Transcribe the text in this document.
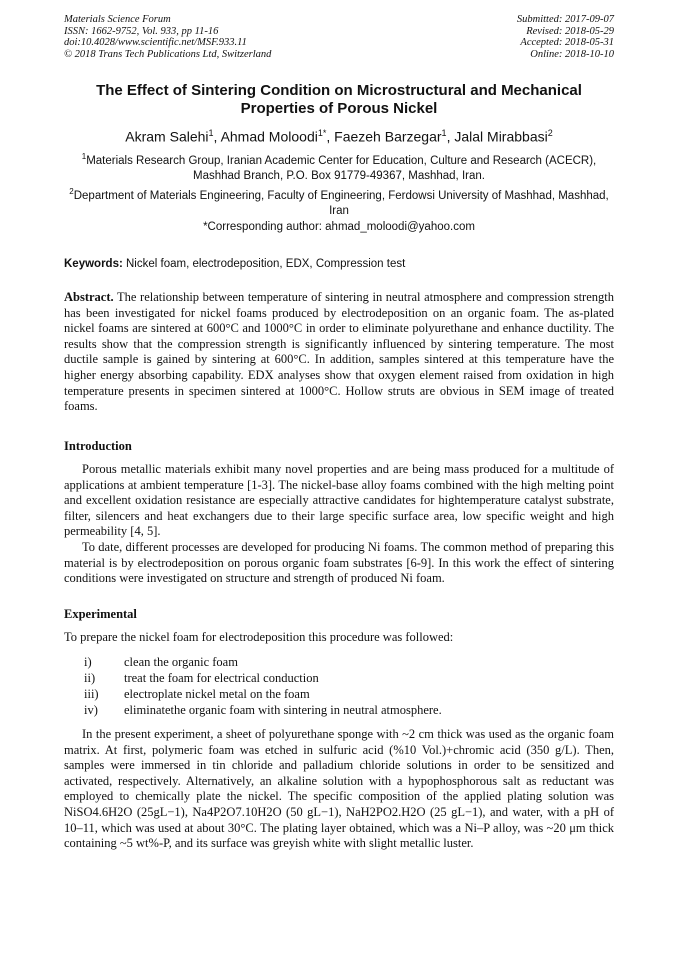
Materials Science Forum
ISSN: 1662-9752, Vol. 933, pp 11-16
doi:10.4028/www.scientific.net/MSF.933.11
© 2018 Trans Tech Publications Ltd, Switzerland
Submitted: 2017-09-07
Revised: 2018-05-29
Accepted: 2018-05-31
Online: 2018-10-10
The Effect of Sintering Condition on Microstructural and Mechanical Properties of Porous Nickel
Akram Salehi$^1$, Ahmad Moloodi$^{1*}$, Faezeh Barzegar$^1$, Jalal Mirabbasi$^2$
$^1$Materials Research Group, Iranian Academic Center for Education, Culture and Research (ACECR), Mashhad Branch, P.O. Box 91779-49367, Mashhad, Iran.
$^2$Department of Materials Engineering, Faculty of Engineering, Ferdowsi University of Mashhad, Mashhad, Iran
*Corresponding author: ahmad_moloodi@yahoo.com
Keywords: Nickel foam, electrodeposition, EDX, Compression test
Abstract. The relationship between temperature of sintering in neutral atmosphere and compression strength has been investigated for nickel foams produced by electrodeposition on an organic foam. The as-plated nickel foams are sintered at 600°C and 1000°C in order to eliminate polyurethane and enhance ductility. The results show that the compression strength is significantly influenced by sintering temperature. The most ductile sample is gained by sintering at 600°C. In addition, samples sintered at this temperature have the higher energy absorbing capability. EDX analyses show that oxygen element raised from oxidation in high temperature presents in specimen sintered at 1000°C. Hollow struts are obvious in SEM image of treated foams.
Introduction
Porous metallic materials exhibit many novel properties and are being mass produced for a multitude of applications at ambient temperature [1-3]. The nickel-base alloy foams combined with the high melting point and excellent oxidation resistance are especially attractive candidates for hightemperature catalyst substrate, filter, silencers and heat exchangers due to their large specific surface area, low specific weight and high permeability [4, 5].
To date, different processes are developed for producing Ni foams. The common method of preparing this material is by electrodeposition on porous organic foam substrates [6-9]. In this work the effect of sintering conditions were investigated on structure and strength of produced Ni foam.
Experimental
To prepare the nickel foam for electrodeposition this procedure was followed:
i)	clean the organic foam
ii) treat the foam for electrical conduction
iii) electroplate nickel metal on the foam
iv) eliminatethe organic foam with sintering in neutral atmosphere.
In the present experiment, a sheet of polyurethane sponge with ~2 cm thick was used as the organic foam matrix. At first, polymeric foam was etched in sulfuric acid (%10 Vol.)+chromic acid (350 g/L). Then, samples were immersed in tin chloride and palladium chloride solutions in order to be sensitized and activated, respectively. Alternatively, an alkaline solution with a hypophosphorous salt as reductant was employed to chemically plate the nickel. The specific composition of the applied plating solution was NiSO4.6H2O (25gL−1), Na4P2O7.10H2O (50 gL−1), NaH2PO2.H2O (25 gL−1), and water, with a pH of 10–11, which was used at about 30°C. The plating layer obtained, which was a Ni–P alloy, was ~20 μm thick containing ~5 wt%-P, and its surface was greyish white with slight metallic luster.
